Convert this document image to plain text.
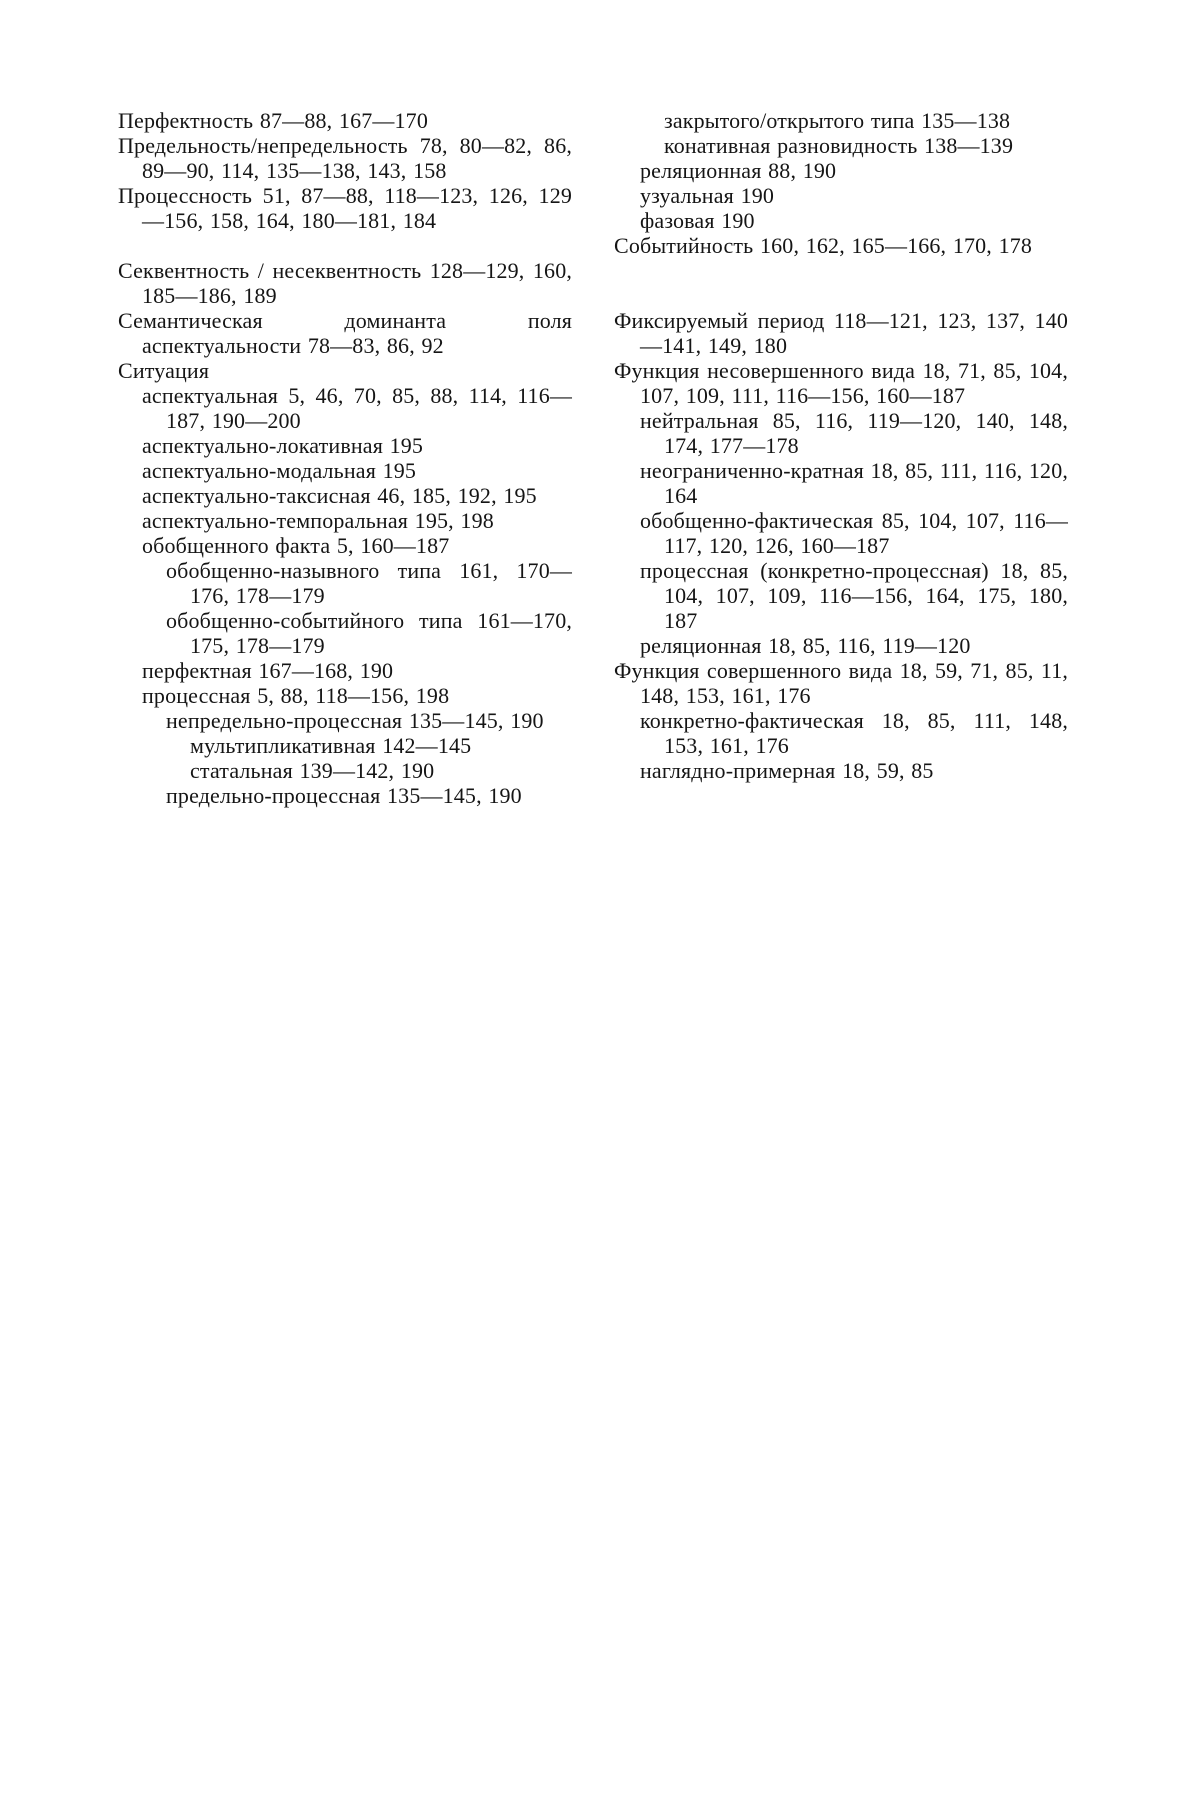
Перфектность 87—88, 167—170
Предельность/непредельность 78, 80—82, 86, 89—90, 114, 135—138, 143, 158
Процессность 51, 87—88, 118—123, 126, 129—156, 158, 164, 180—181, 184
Секвентность / несеквентность 128—129, 160, 185—186, 189
Семантическая доминанта поля аспектуальности 78—83, 86, 92
Ситуация
аспектуальная 5, 46, 70, 85, 88, 114, 116—187, 190—200
аспектуально-локативная 195
аспектуально-модальная 195
аспектуально-таксисная 46, 185, 192, 195
аспектуально-темпоральная 195, 198
обобщенного факта 5, 160—187
обобщенно-назывного типа 161, 170—176, 178—179
обобщенно-событийного типа 161—170, 175, 178—179
перфектная 167—168, 190
процессная 5, 88, 118—156, 198
непредельно-процессная 135—145, 190
мультипликативная 142—145
статальная 139—142, 190
предельно-процессная 135—145, 190
закрытого/открытого типа 135—138
конативная разновидность 138—139
реляционная 88, 190
узуальная 190
фазовая 190
Событийность 160, 162, 165—166, 170, 178
Фиксируемый период 118—121, 123, 137, 140—141, 149, 180
Функция несовершенного вида 18, 71, 85, 104, 107, 109, 111, 116—156, 160—187
нейтральная 85, 116, 119—120, 140, 148, 174, 177—178
неограниченно-кратная 18, 85, 111, 116, 120, 164
обобщенно-фактическая 85, 104, 107, 116—117, 120, 126, 160—187
процессная (конкретно-процессная) 18, 85, 104, 107, 109, 116—156, 164, 175, 180, 187
реляционная 18, 85, 116, 119—120
Функция совершенного вида 18, 59, 71, 85, 11, 148, 153, 161, 176
конкретно-фактическая 18, 85, 111, 148, 153, 161, 176
наглядно-примерная 18, 59, 85
